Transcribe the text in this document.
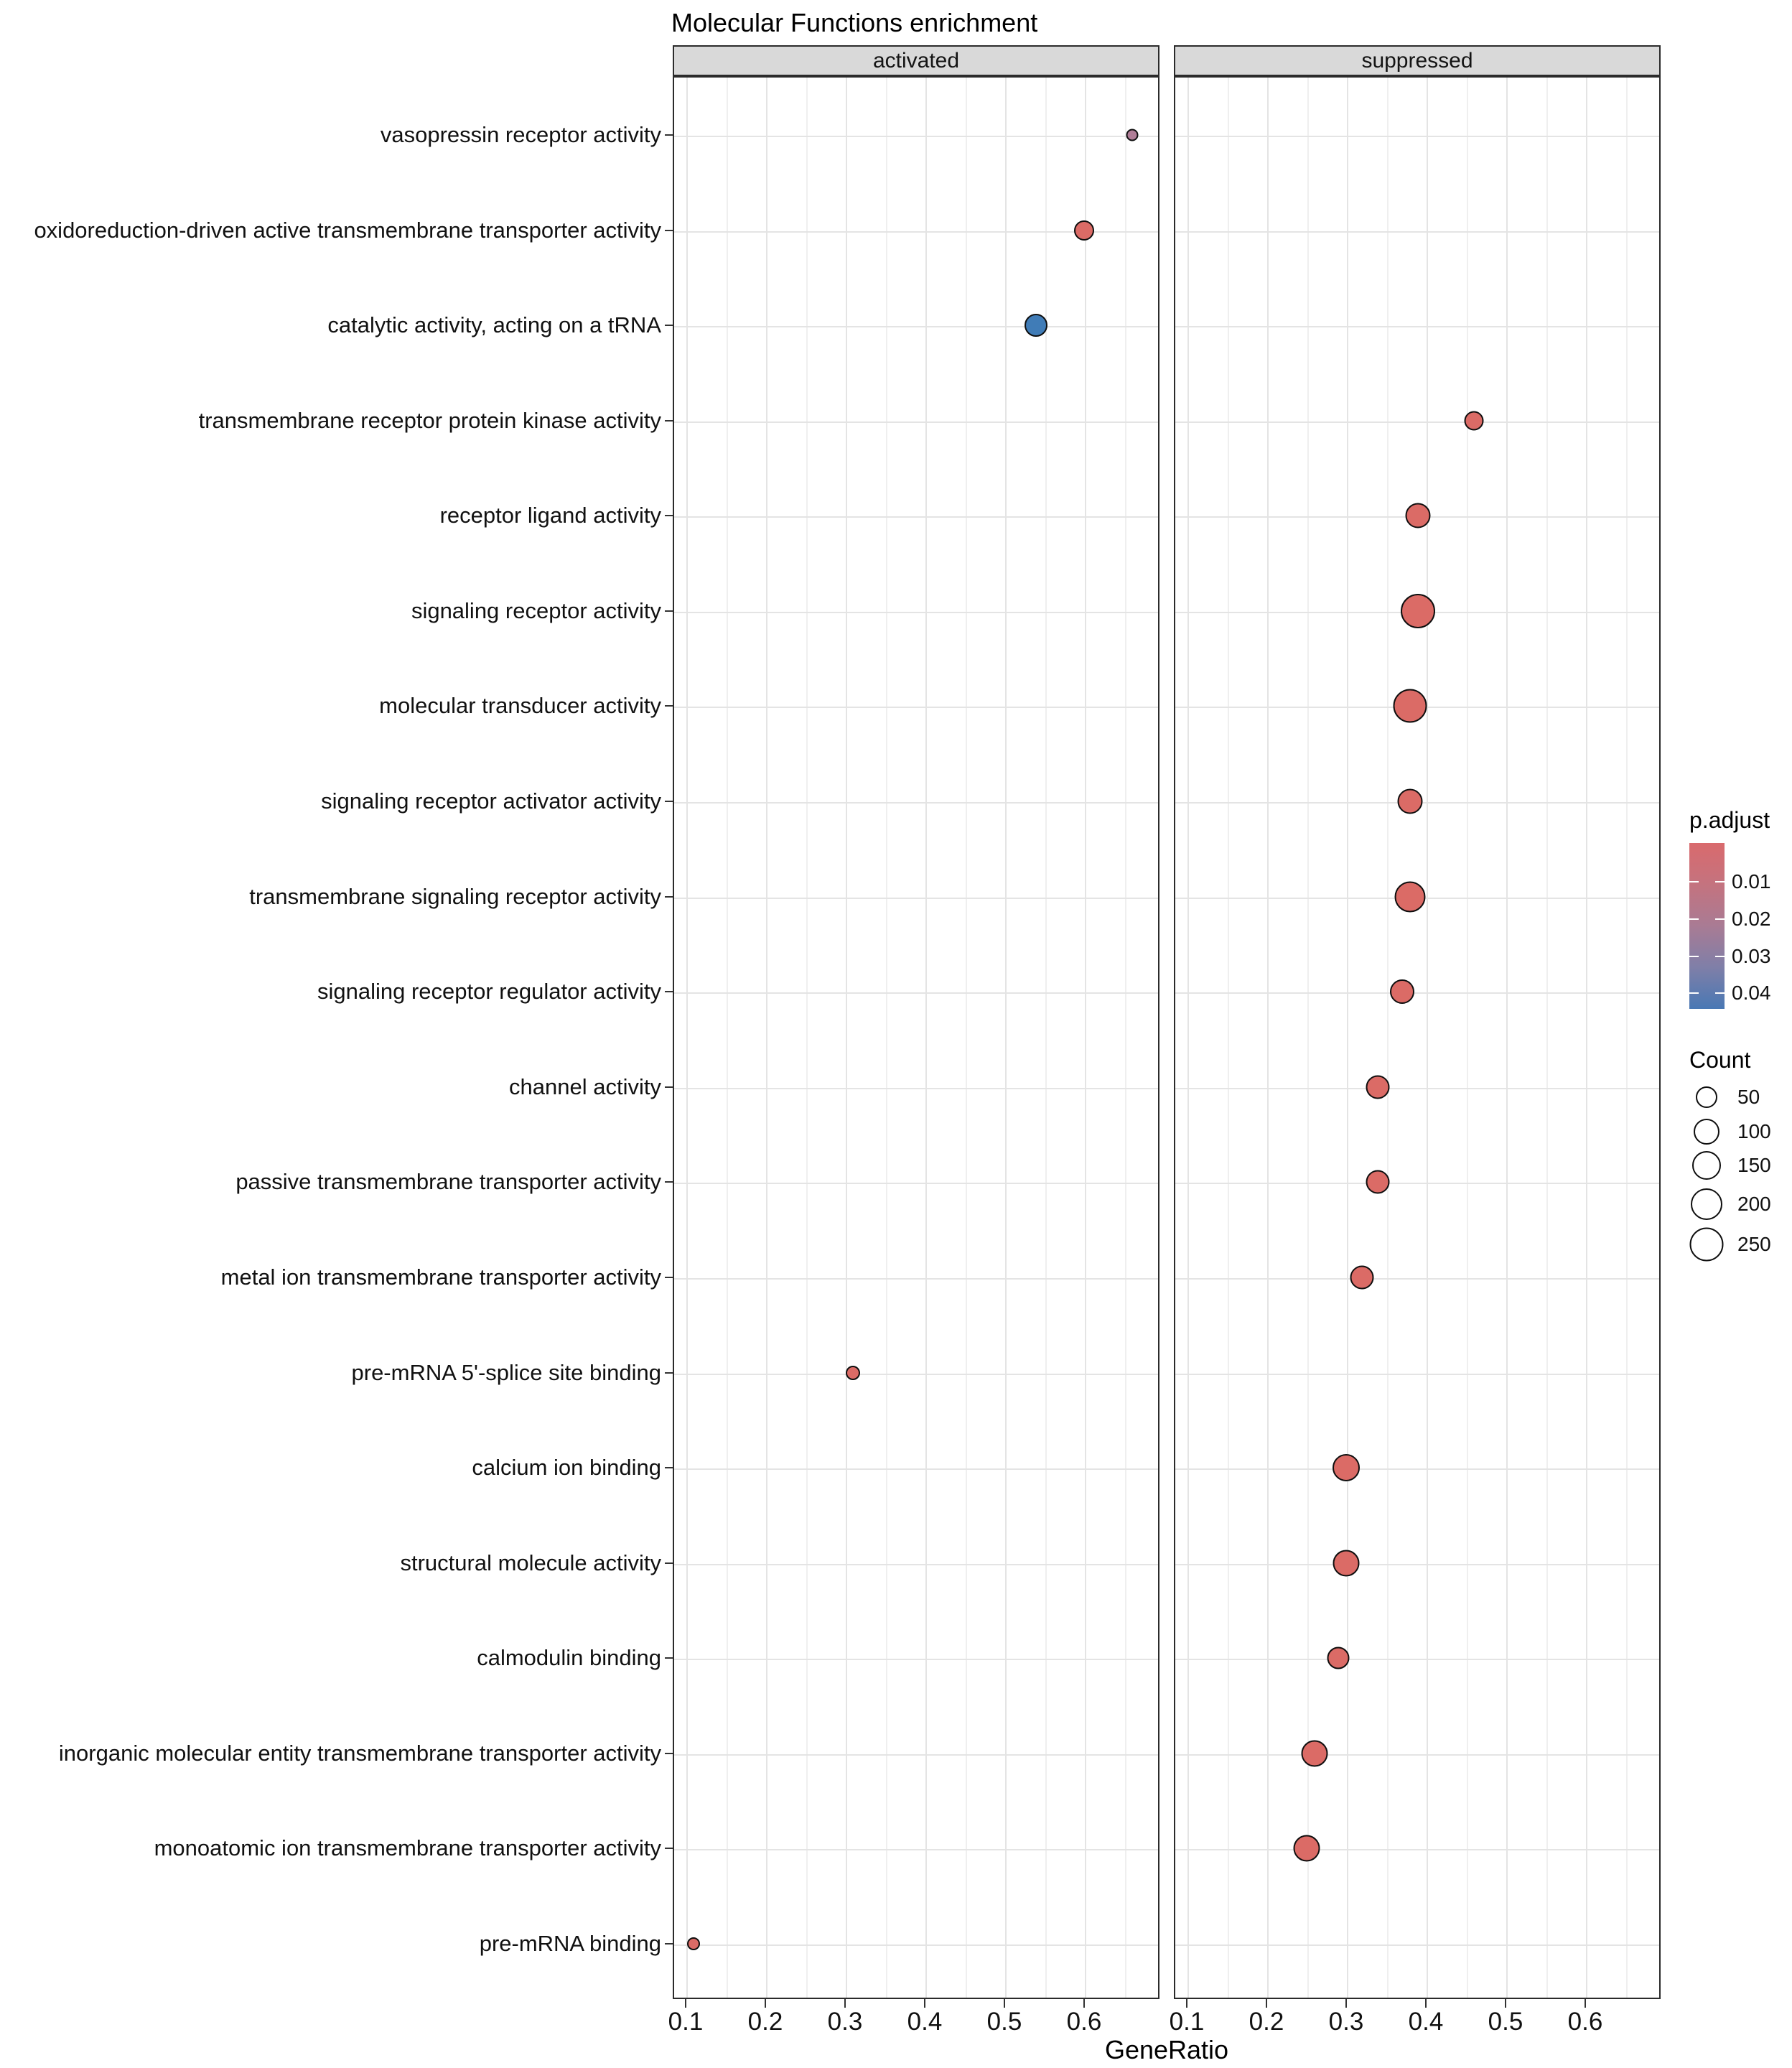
Molecular Functions enrichment
activated	suppressed
vasopressin receptor activity
oxidoreduction-driven active transmembrane transporter activity
catalytic activity, acting on a tRNA
transmembrane receptor protein kinase activity
receptor ligand activity
signaling receptor activity
molecular transducer activity
signaling receptor activator activity
transmembrane signaling receptor activity
signaling receptor regulator activity
channel activity
passive transmembrane transporter activity
metal ion transmembrane transporter activity
pre-mRNA 5'-splice site binding
calcium ion binding
structural molecule activity
calmodulin binding
inorganic molecular entity transmembrane transporter activity
monoatomic ion transmembrane transporter activity
pre-mRNA binding
0.1 0.2 0.3 0.4 0.5 0.6	0.1 0.2 0.3 0.4 0.5 0.6
GeneRatio
p.adjust
0.01
0.02
0.03
0.04
Count
50
100
150
200
250
